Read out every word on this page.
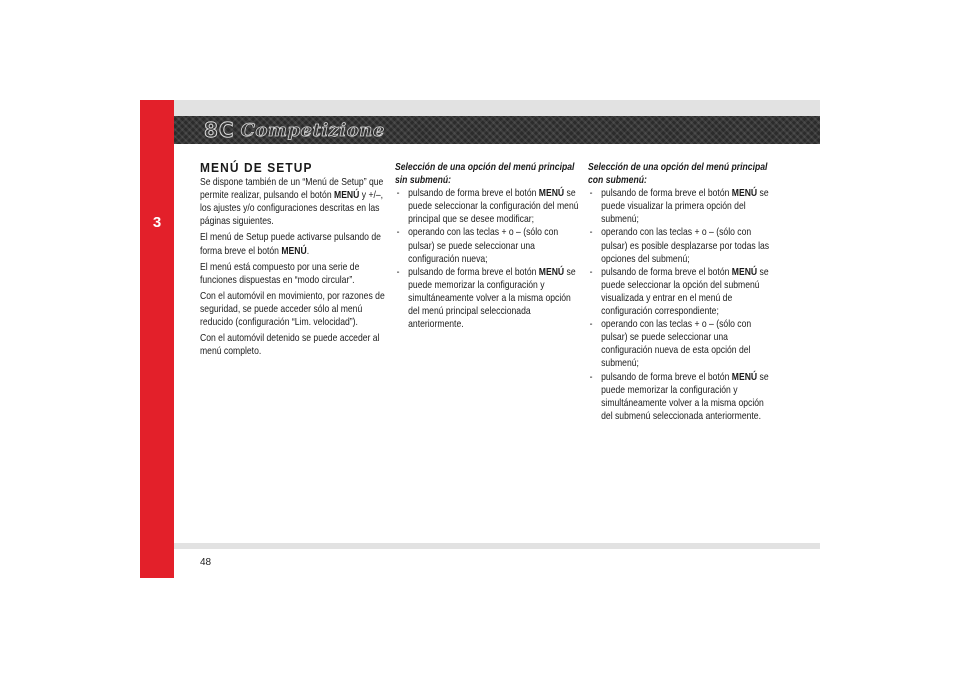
3
8C Competizione
MENÚ DE SETUP

Se dispone también de un “Menú de Setup” que permite realizar, pulsando el botón MENÚ y +/–, los ajustes y/o configuraciones descritas en las páginas siguientes.

El menú de Setup puede activarse pulsando de forma breve el botón MENÚ.

El menú está compuesto por una serie de funciones dispuestas en “modo circular”.

Con el automóvil en movimiento, por razones de seguridad, se puede acceder sólo al menú reducido (configuración “Lim. velocidad”).

Con el automóvil detenido se puede acceder al menú completo.

Selección de una opción del menú principal sin submenú:

- pulsando de forma breve el botón MENÚ se puede seleccionar la configuración del menú principal que se desee modificar;
- operando con las teclas + o – (sólo con pulsar) se puede seleccionar una configuración nueva;
- pulsando de forma breve el botón MENÚ se puede memorizar la configuración y simultáneamente volver a la misma opción del menú principal seleccionada anteriormente.

Selección de una opción del menú principal con submenú:

- pulsando de forma breve el botón MENÚ se puede visualizar la primera opción del submenú;
- operando con las teclas + o – (sólo con pulsar) es posible desplazarse por todas las opciones del submenú;
- pulsando de forma breve el botón MENÚ se puede seleccionar la opción del submenú visualizada y entrar en el menú de configuración correspondiente;
- operando con las teclas + o – (sólo con pulsar) se puede seleccionar una configuración nueva de esta opción del submenú;
- pulsando de forma breve el botón MENÚ se puede memorizar la configuración y simultáneamente volver a la misma opción del submenú seleccionada anteriormente.
48
